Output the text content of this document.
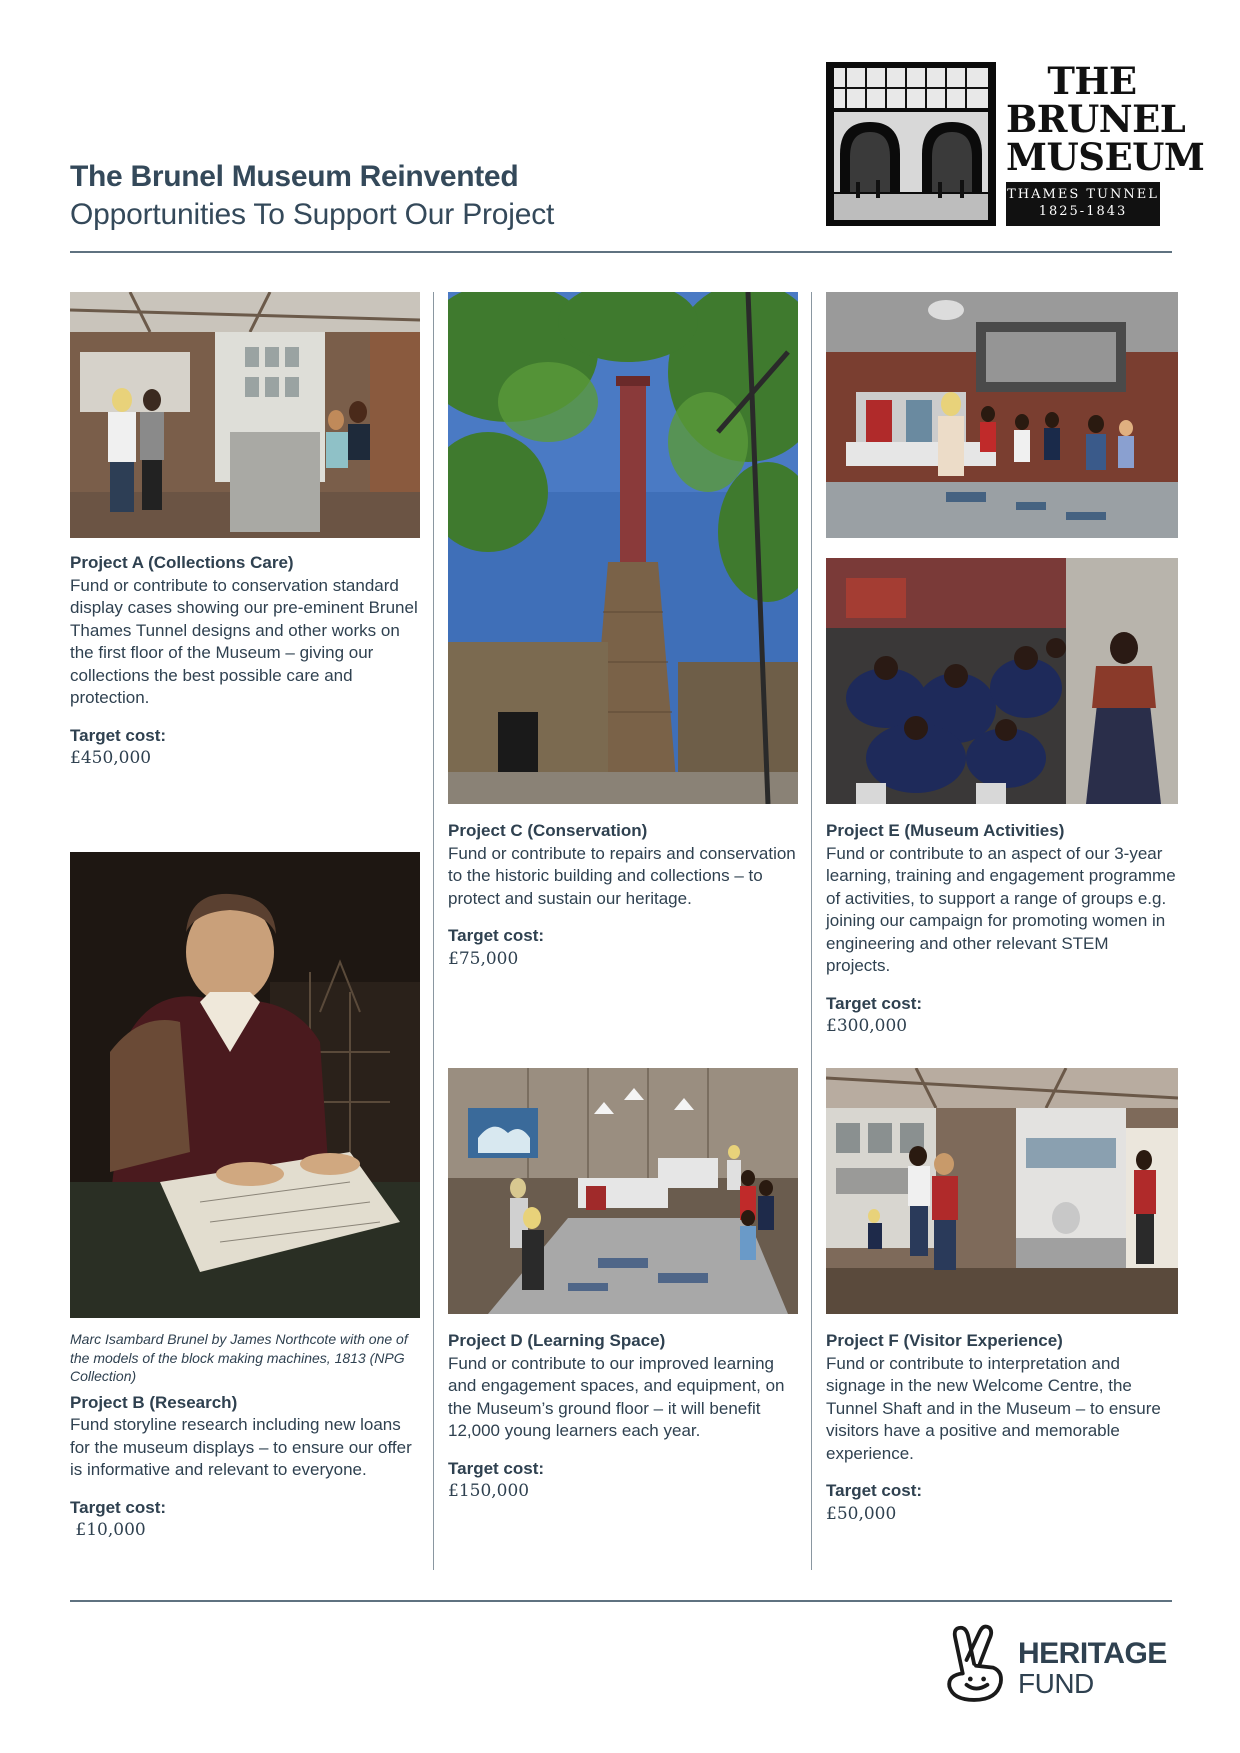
The Brunel Museum Reinvented
Opportunities To Support Our Project
THE
BRUNEL
MUSEUM
THAMES TUNNEL
1825-1843
Project A (Collections Care)
Fund or contribute to conservation standard display cases showing our pre-eminent Brunel Thames Tunnel designs and other works on the first floor of the Museum – giving our collections the best possible care and protection.
Target cost:
£450,000
Marc Isambard Brunel by James Northcote with one of the models of the block making machines, 1813 (NPG Collection)
Project B (Research)
Fund storyline research including new loans for the museum displays – to ensure our offer is informative and relevant to everyone.
Target cost:
£10,000
Project C (Conservation)
Fund or contribute to repairs and conservation to the historic building and collections – to protect and sustain our heritage.
Target cost:
£75,000
Project D (Learning Space)
Fund or contribute to our improved learning and engagement spaces, and equipment, on the Museum’s ground floor – it will benefit 12,000 young learners each year.
Target cost:
£150,000
Project E (Museum Activities)
Fund or contribute to an aspect of our 3-year learning, training and engagement programme of activities, to support a range of groups e.g. joining our campaign for promoting women in engineering and other relevant STEM projects.
Target cost:
£300,000
Project F (Visitor Experience)
Fund or contribute to interpretation and signage in the new Welcome Centre, the Tunnel Shaft and in the Museum – to ensure visitors have a positive and memorable experience.
Target cost:
£50,000
HERITAGE
FUND
